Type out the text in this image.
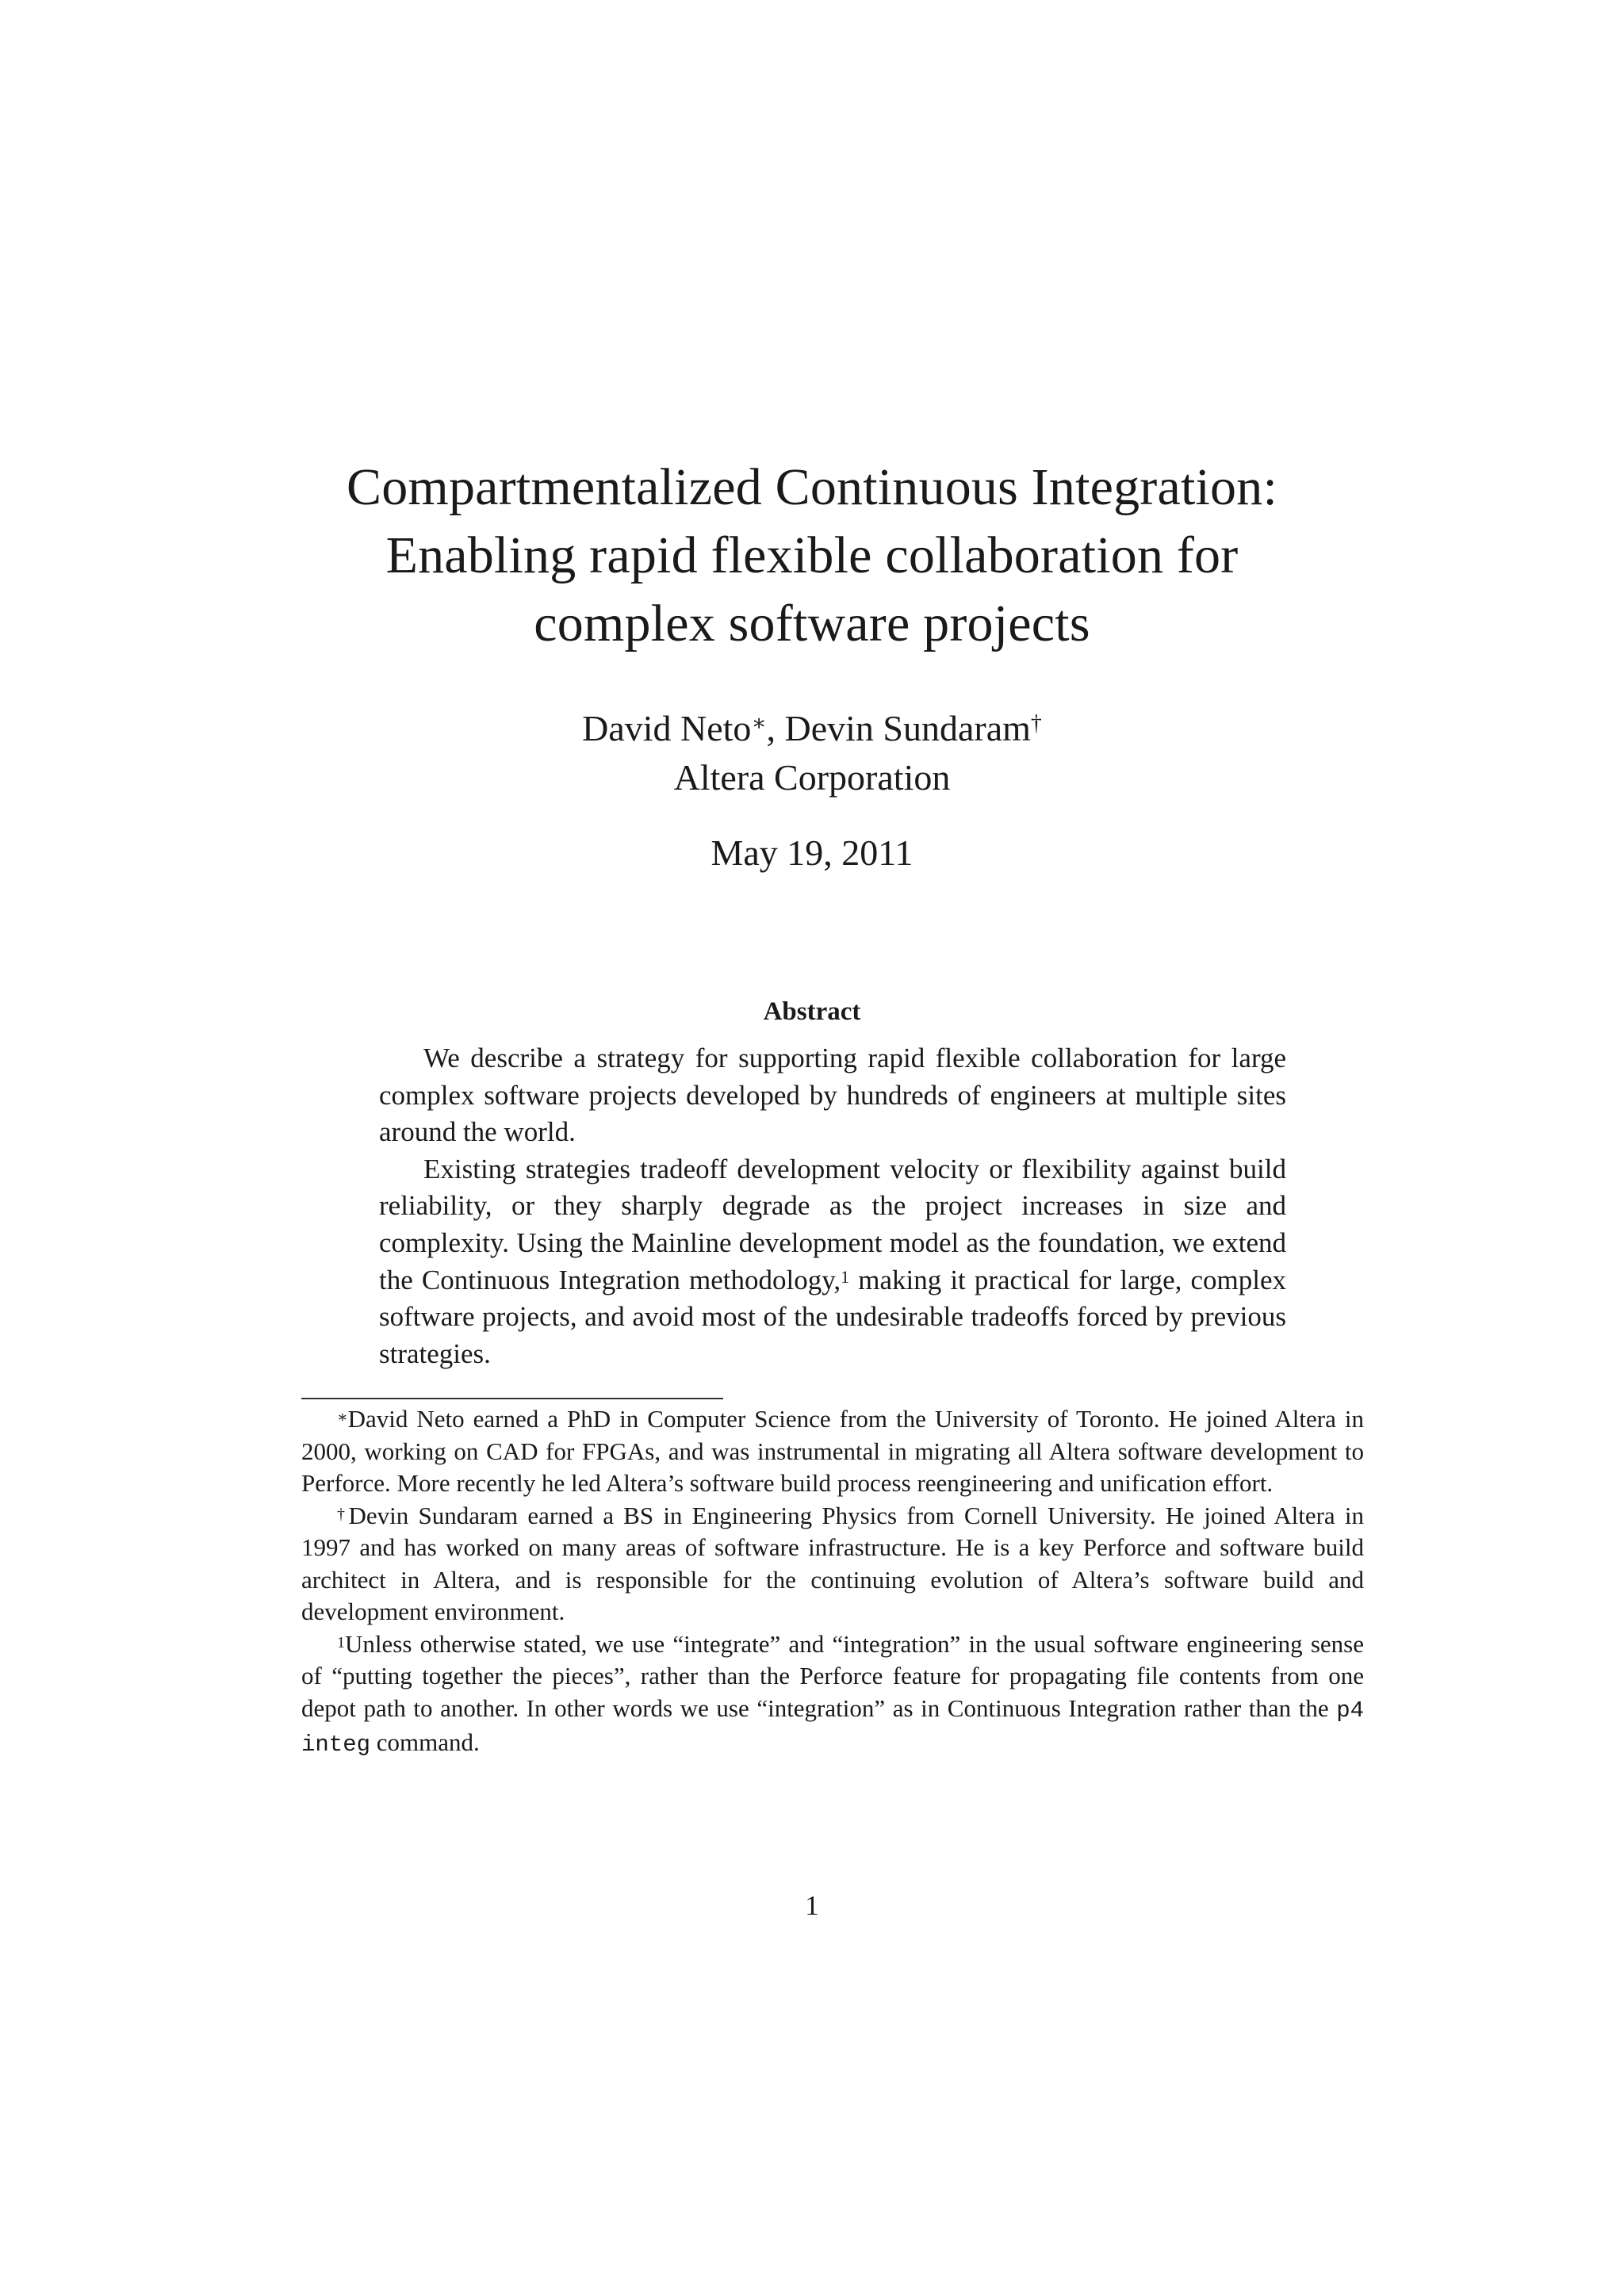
Compartmentalized Continuous Integration:
Enabling rapid flexible collaboration for
complex software projects
David Neto∗, Devin Sundaram†
Altera Corporation
May 19, 2011
Abstract

We describe a strategy for supporting rapid flexible collaboration for large complex software projects developed by hundreds of engineers at multiple sites around the world.

Existing strategies tradeoff development velocity or flexibility against build reliability, or they sharply degrade as the project increases in size and complexity. Using the Mainline development model as the foundation, we extend the Continuous Integration methodology,$^1$ making it practical for large, complex software projects, and avoid most of the undesirable tradeoffs forced by previous strategies.

∗David Neto earned a PhD in Computer Science from the University of Toronto. He joined Altera in 2000, working on CAD for FPGAs, and was instrumental in migrating all Altera software development to Perforce. More recently he led Altera’s software build process reengineering and unification effort.

†Devin Sundaram earned a BS in Engineering Physics from Cornell University. He joined Altera in 1997 and has worked on many areas of software infrastructure. He is a key Perforce and software build architect in Altera, and is responsible for the continuing evolution of Altera’s software build and development environment.

$^1$Unless otherwise stated, we use “integrate” and “integration” in the usual software engineering sense of “putting together the pieces”, rather than the Perforce feature for propagating file contents from one depot path to another. In other words we use “integration” as in Continuous Integration rather than the p4 integ command.

1
